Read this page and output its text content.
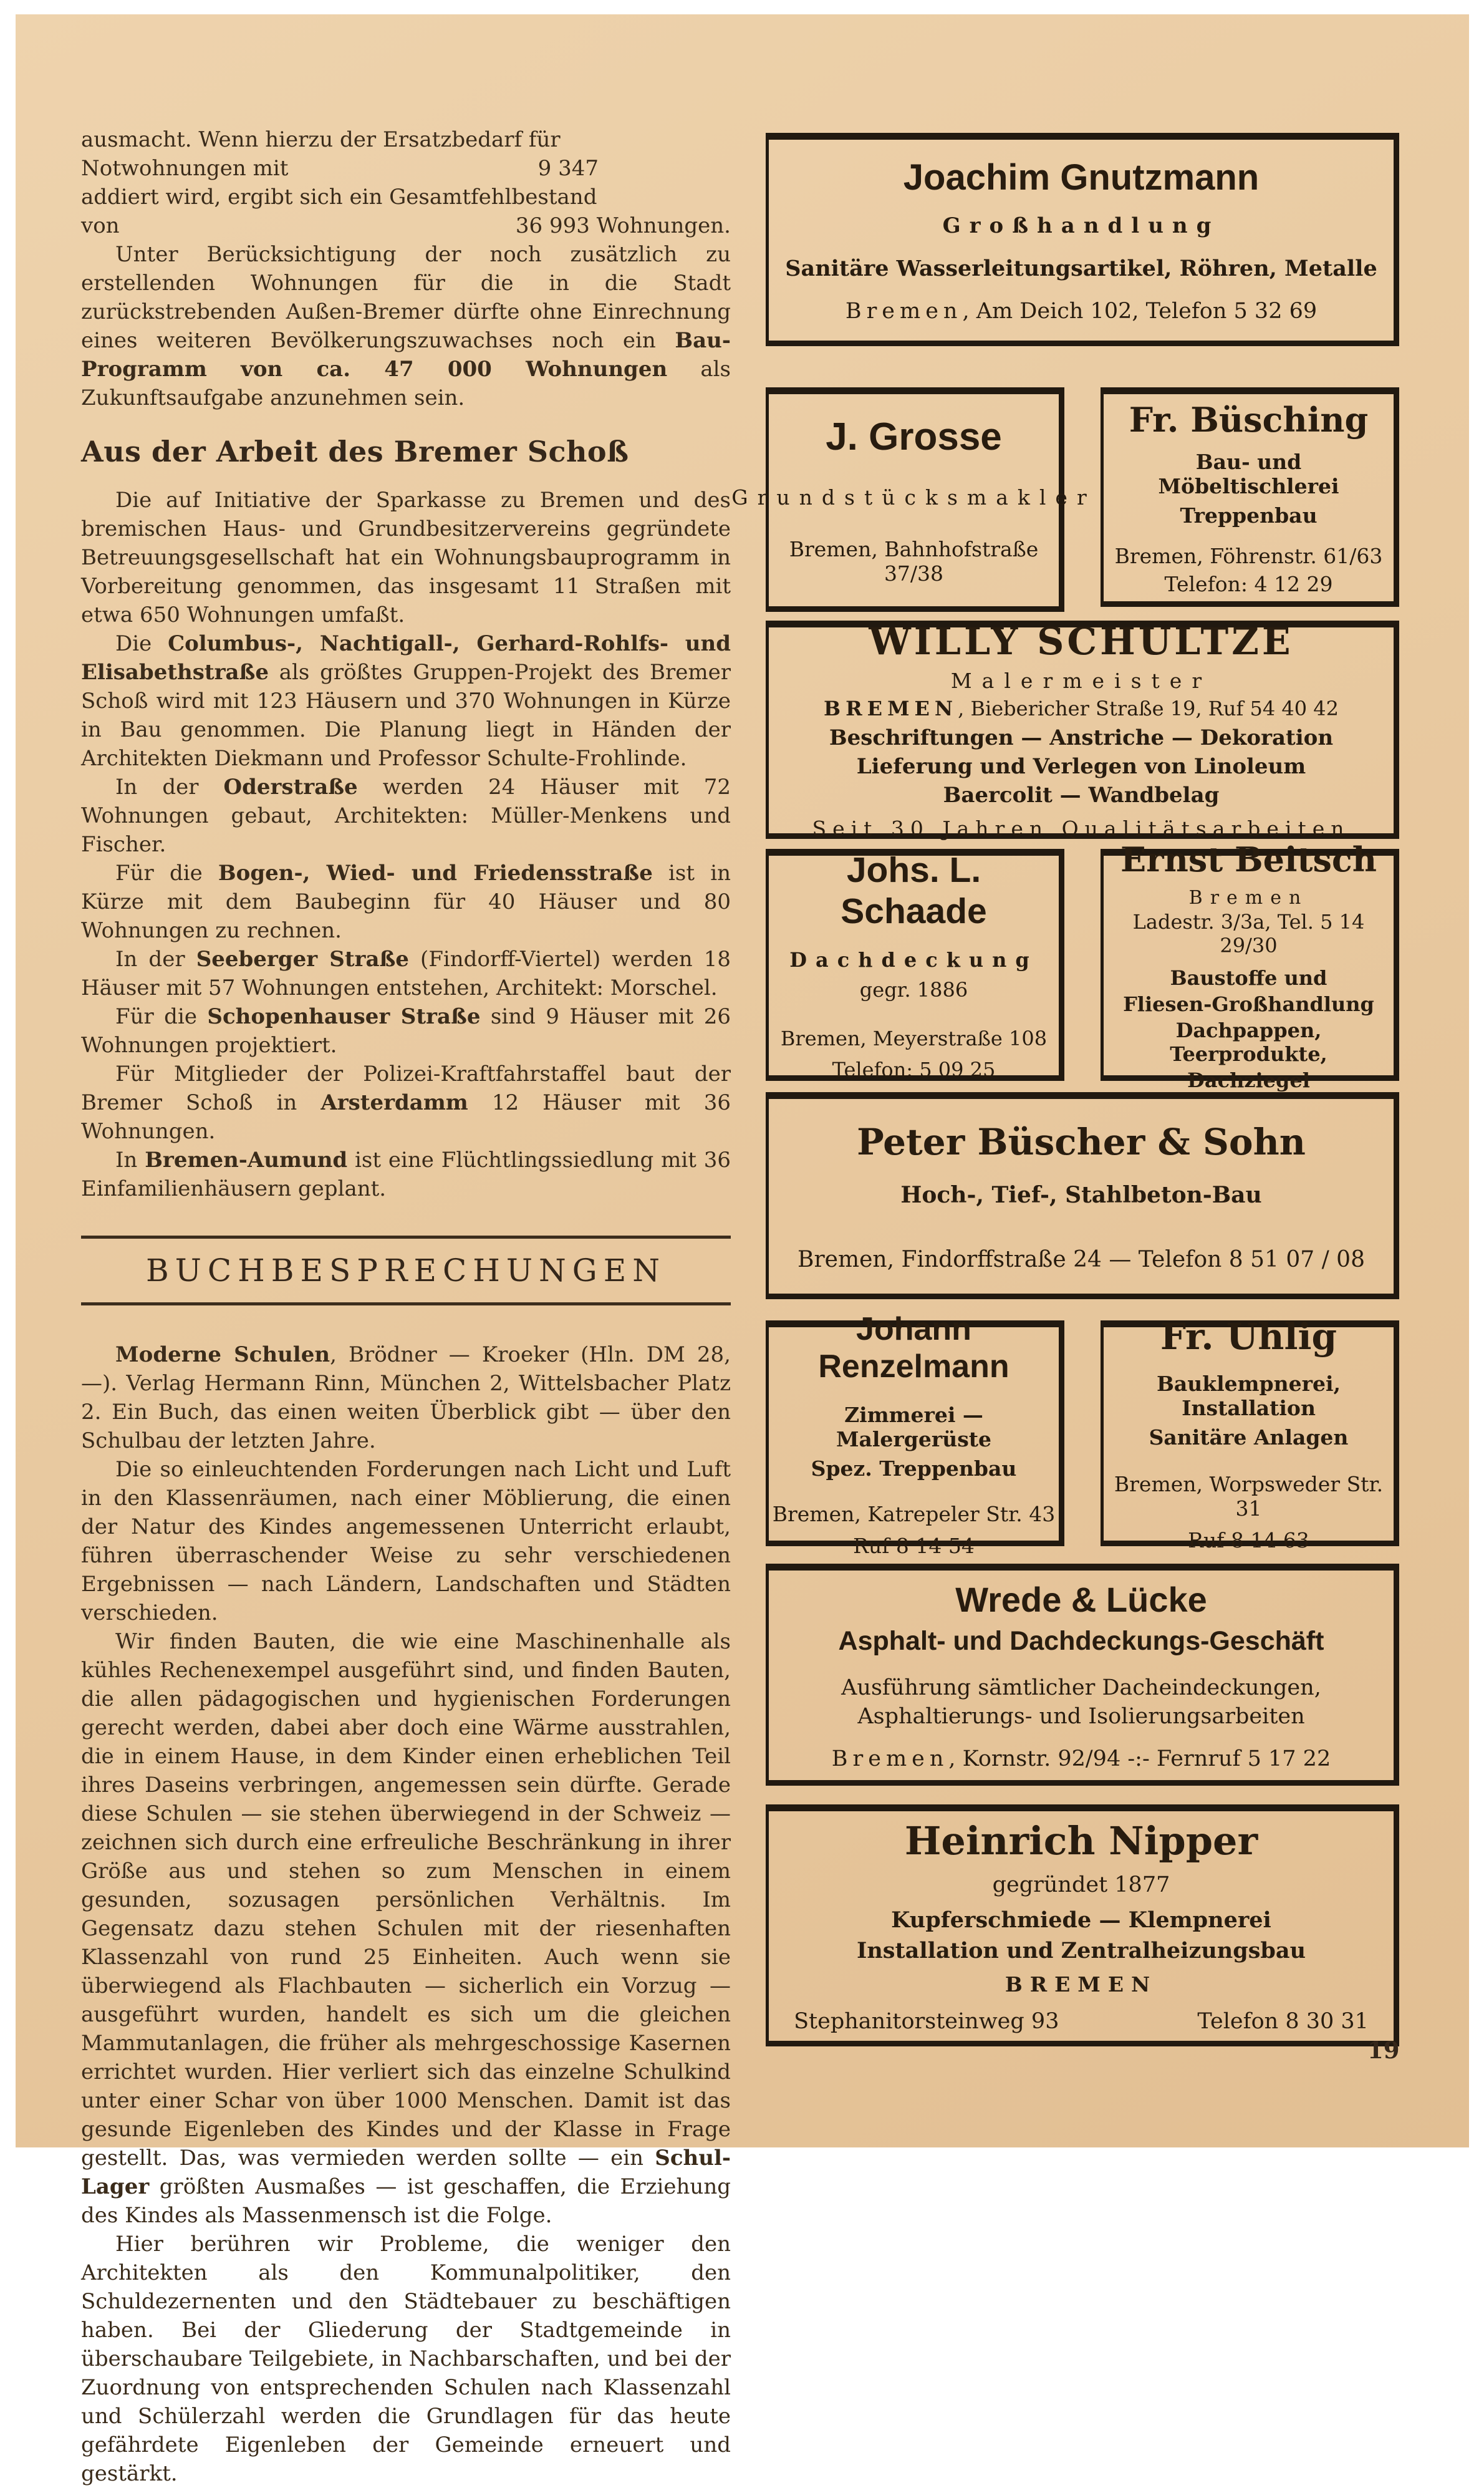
ausmacht. Wenn hierzu der Ersatzbedarf für
Notwohnungen mit	9 347
addiert wird, ergibt sich ein Gesamtfehlbestand
von	36 993 Wohnungen.

Unter Berücksichtigung der noch zusätzlich zu erstellenden Wohnungen für die in die Stadt zurückstrebenden Außen-Bremer dürfte ohne Einrechnung eines weiteren Bevölkerungszuwachses noch ein Bau-Programm von ca. 47 000 Wohnungen als Zukunftsaufgabe anzunehmen sein.

Aus der Arbeit des Bremer Schoß

Die auf Initiative der Sparkasse zu Bremen und des bremischen Haus- und Grundbesitzervereins gegründete Betreuungsgesellschaft hat ein Wohnungsbauprogramm in Vorbereitung genommen, das insgesamt 11 Straßen mit etwa 650 Wohnungen umfaßt.

Die Columbus-, Nachtigall-, Gerhard-Rohlfs- und Elisabethstraße als größtes Gruppen-Projekt des Bremer Schoß wird mit 123 Häusern und 370 Wohnungen in Kürze in Bau genommen. Die Planung liegt in Händen der Architekten Diekmann und Professor Schulte-Frohlinde.

In der Oderstraße werden 24 Häuser mit 72 Wohnungen gebaut, Architekten: Müller-Menkens und Fischer.

Für die Bogen-, Wied- und Friedensstraße ist in Kürze mit dem Baubeginn für 40 Häuser und 80 Wohnungen zu rechnen.

In der Seeberger Straße (Findorff-Viertel) werden 18 Häuser mit 57 Wohnungen entstehen, Architekt: Morschel.

Für die Schopenhauser Straße sind 9 Häuser mit 26 Wohnungen projektiert.

Für Mitglieder der Polizei-Kraftfahrstaffel baut der Bremer Schoß in Arsterdamm 12 Häuser mit 36 Wohnungen.

In Bremen-Aumund ist eine Flüchtlingssiedlung mit 36 Einfamilienhäusern geplant.

BUCHBESPRECHUNGEN

Moderne Schulen, Brödner — Kroeker (Hln. DM 28,—). Verlag Hermann Rinn, München 2, Wittelsbacher Platz 2. Ein Buch, das einen weiten Überblick gibt — über den Schulbau der letzten Jahre.

Die so einleuchtenden Forderungen nach Licht und Luft in den Klassenräumen, nach einer Möblierung, die einen der Natur des Kindes angemessenen Unterricht erlaubt, führen überraschender Weise zu sehr verschiedenen Ergebnissen — nach Ländern, Landschaften und Städten verschieden.

Wir finden Bauten, die wie eine Maschinenhalle als kühles Rechenexempel ausgeführt sind, und finden Bauten, die allen pädagogischen und hygienischen Forderungen gerecht werden, dabei aber doch eine Wärme ausstrahlen, die in einem Hause, in dem Kinder einen erheblichen Teil ihres Daseins verbringen, angemessen sein dürfte. Gerade diese Schulen — sie stehen überwiegend in der Schweiz — zeichnen sich durch eine erfreuliche Beschränkung in ihrer Größe aus und stehen so zum Menschen in einem gesunden, sozusagen persönlichen Verhältnis. Im Gegensatz dazu stehen Schulen mit der riesenhaften Klassenzahl von rund 25 Einheiten. Auch wenn sie überwiegend als Flachbauten — sicherlich ein Vorzug — ausgeführt wurden, handelt es sich um die gleichen Mammutanlagen, die früher als mehrgeschossige Kasernen errichtet wurden. Hier verliert sich das einzelne Schulkind unter einer Schar von über 1000 Menschen. Damit ist das gesunde Eigenleben des Kindes und der Klasse in Frage gestellt. Das, was vermieden werden sollte — ein Schul-Lager größten Ausmaßes — ist geschaffen, die Erziehung des Kindes als Massenmensch ist die Folge.

Hier berühren wir Probleme, die weniger den Architekten als den Kommunalpolitiker, den Schuldezernenten und den Städtebauer zu beschäftigen haben. Bei der Gliederung der Stadtgemeinde in überschaubare Teilgebiete, in Nachbarschaften, und bei der Zuordnung von entsprechenden Schulen nach Klassenzahl und Schülerzahl werden die Grundlagen für das heute gefährdete Eigenleben der Gemeinde erneuert und gestärkt.

Joachim Gnutzmann
Großhandlung
Sanitäre Wasserleitungsartikel, Röhren, Metalle
Bremen, Am Deich 102, Telefon 5 32 69
J. Grosse
Grundstücksmakler
Bremen, Bahnhofstraße 37/38
Fr. Büsching
Bau- und Möbeltischlerei
Treppenbau
Bremen, Föhrenstr. 61/63
Telefon: 4 12 29
WILLY SCHULTZE
Malermeister
BREMEN, Biebericher Straße 19, Ruf 54 40 42
Beschriftungen — Anstriche — Dekoration
Lieferung und Verlegen von Linoleum
Baercolit — Wandbelag
Seit 30 Jahren Qualitätsarbeiten
Johs. L. Schaade
Dachdeckung
gegr. 1886
Bremen, Meyerstraße 108
Telefon: 5 09 25
Ernst Beitsch
Bremen
Ladestr. 3/3a, Tel. 5 14 29/30
Baustoffe und
Fliesen-Großhandlung
Dachpappen, Teerprodukte,
Dachziegel
Peter Büscher & Sohn
Hoch-, Tief-, Stahlbeton-Bau
Bremen, Findorffstraße 24 — Telefon 8 51 07 / 08
Johann Renzelmann
Zimmerei — Malergerüste
Spez. Treppenbau
Bremen, Katrepeler Str. 43
Ruf 8 14 54
Fr. Uhlig
Bauklempnerei, Installation
Sanitäre Anlagen
Bremen, Worpsweder Str. 31
Ruf 8 14 63
Wrede & Lücke
Asphalt- und Dachdeckungs-Geschäft
Ausführung sämtlicher Dacheindeckungen,
Asphaltierungs- und Isolierungsarbeiten
Bremen, Kornstr. 92/94 -:- Fernruf 5 17 22
Heinrich Nipper
gegründet 1877
Kupferschmiede — Klempnerei
Installation und Zentralheizungsbau
BREMEN
Stephanitorsteinweg 93	Telefon 8 30 31
19
